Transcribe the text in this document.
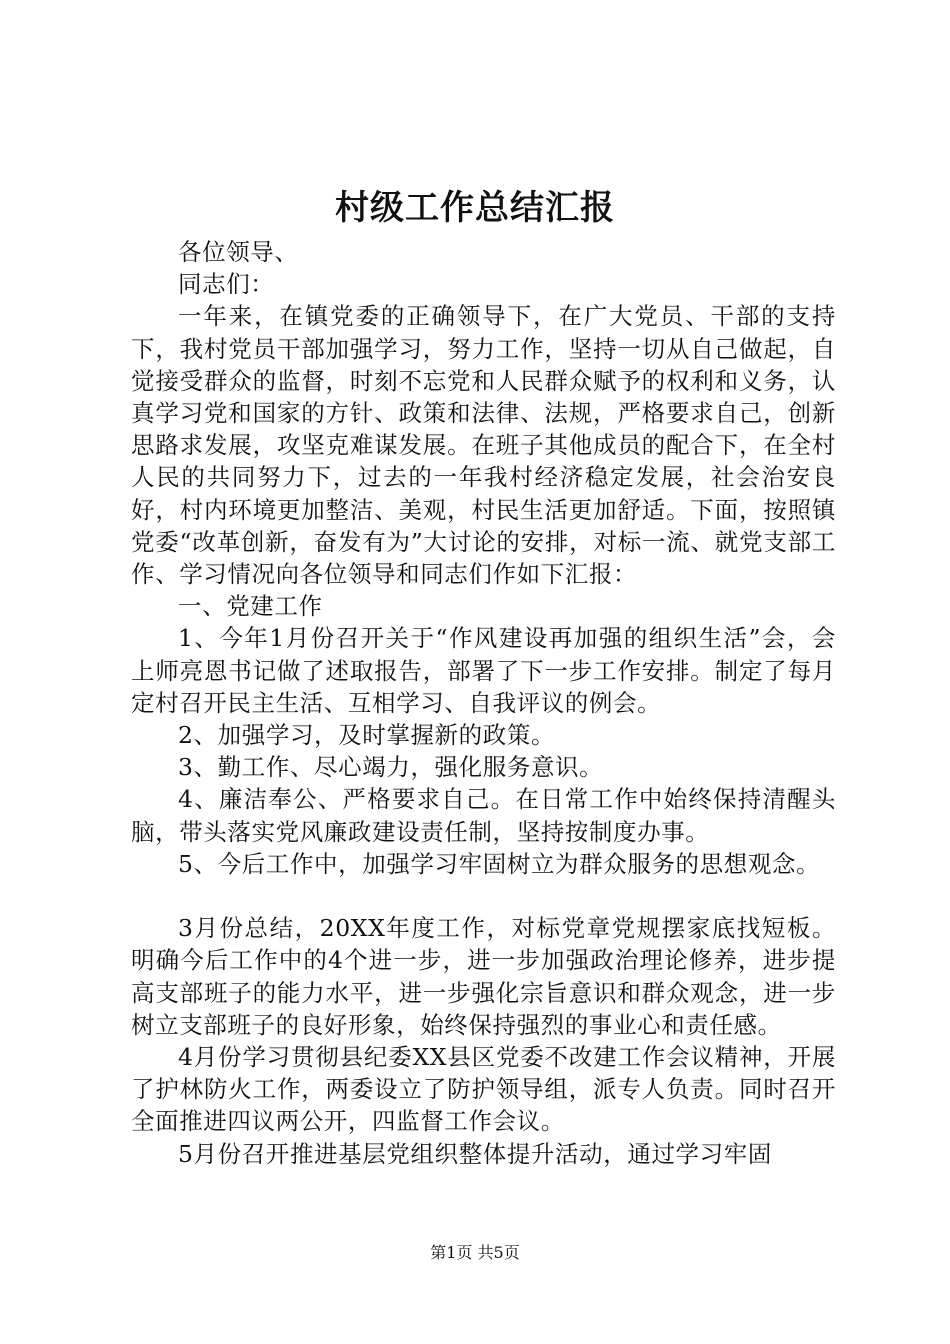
村级工作总结汇报

各位领导、

同志们：

一年来，在镇党委的正确领导下，在广大党员、干部的支持下，我村党员干部加强学习，努力工作，坚持一切从自己做起，自觉接受群众的监督，时刻不忘党和人民群众赋予的权利和义务，认真学习党和国家的方针、政策和法律、法规，严格要求自己，创新思路求发展，攻坚克难谋发展。在班子其他成员的配合下，在全村人民的共同努力下，过去的一年我村经济稳定发展，社会治安良好，村内环境更加整洁、美观，村民生活更加舒适。下面，按照镇党委“改革创新，奋发有为”大讨论的安排，对标一流、就党支部工作、学习情况向各位领导和同志们作如下汇报：

一、党建工作

1、今年1月份召开关于“作风建设再加强的组织生活”会，会上师亮恩书记做了述取报告，部署了下一步工作安排。制定了每月定村召开民主生活、互相学习、自我评议的例会。

2、加强学习，及时掌握新的政策。

3、勤工作、尽心竭力，强化服务意识。

4、廉洁奉公、严格要求自己。在日常工作中始终保持清醒头脑，带头落实党风廉政建设责任制，坚持按制度办事。

5、今后工作中，加强学习牢固树立为群众服务的思想观念。

3月份总结，20XX年度工作，对标党章党规摆家底找短板。明确今后工作中的4个进一步，进一步加强政治理论修养，进步提高支部班子的能力水平，进一步强化宗旨意识和群众观念，进一步树立支部班子的良好形象，始终保持强烈的事业心和责任感。

4月份学习贯彻县纪委XX县区党委不改建工作会议精神，开展了护林防火工作，两委设立了防护领导组，派专人负责。同时召开全面推进四议两公开，四监督工作会议。

5月份召开推进基层党组织整体提升活动，通过学习牢固

第1页 共5页
